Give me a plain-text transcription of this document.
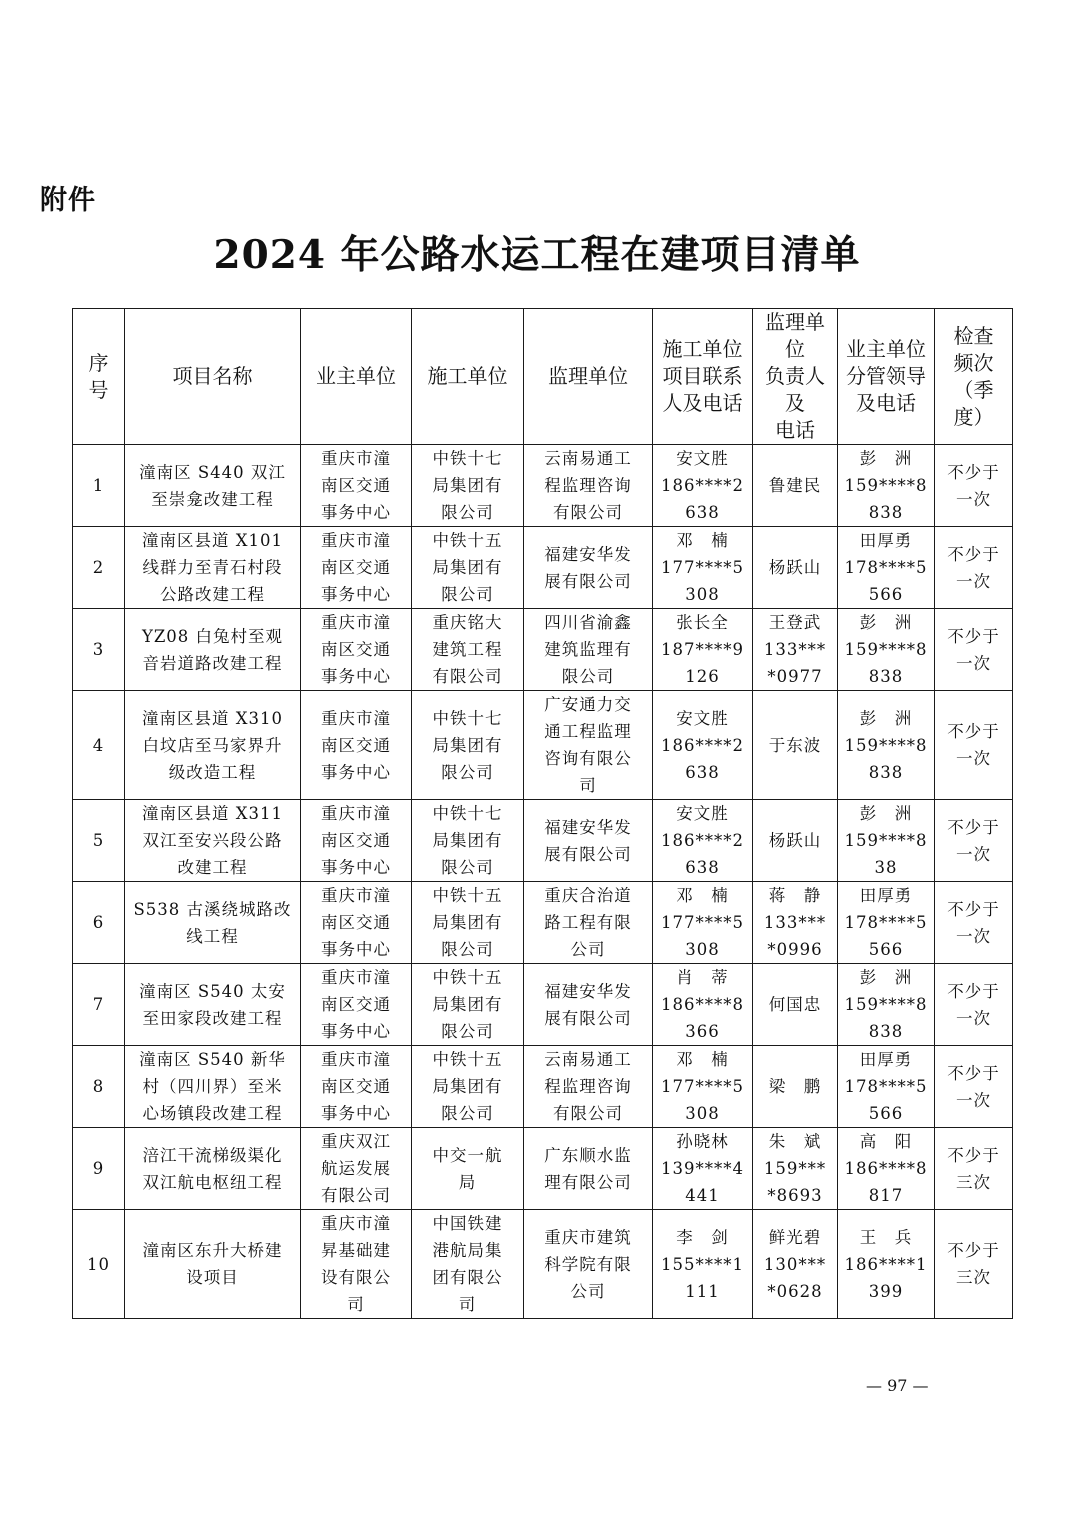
附件
2024 年公路水运工程在建项目清单
序
号	项目名称	业主单位	施工单位	监理单位	施工单位
项目联系
人及电话	监理单位
负责人及
电话	业主单位
分管领导
及电话	检查
频次
（季
度）
1	潼南区 S440 双江
至崇龛改建工程	重庆市潼
南区交通
事务中心	中铁十七
局集团有
限公司	云南易通工
程监理咨询
有限公司	安文胜
186****2
638	鲁建民	彭　洲
159****8
838	不少于
一次
2	潼南区县道 X101
线群力至青石村段
公路改建工程	重庆市潼
南区交通
事务中心	中铁十五
局集团有
限公司	福建安华发
展有限公司	邓　楠
177****5
308	杨跃山	田厚勇
178****5
566	不少于
一次
3	YZ08 白兔村至观
音岩道路改建工程	重庆市潼
南区交通
事务中心	重庆铭大
建筑工程
有限公司	四川省渝鑫
建筑监理有
限公司	张长全
187****9
126	王登武
133***
*0977	彭　洲
159****8
838	不少于
一次
4	潼南区县道 X310
白坟店至马家界升
级改造工程	重庆市潼
南区交通
事务中心	中铁十七
局集团有
限公司	广安通力交
通工程监理
咨询有限公
司	安文胜
186****2
638	于东波	彭　洲
159****8
838	不少于
一次
5	潼南区县道 X311
双江至安兴段公路
改建工程	重庆市潼
南区交通
事务中心	中铁十七
局集团有
限公司	福建安华发
展有限公司	安文胜
186****2
638	杨跃山	彭　洲
159****8
38	不少于
一次
6	S538 古溪绕城路改
线工程	重庆市潼
南区交通
事务中心	中铁十五
局集团有
限公司	重庆合治道
路工程有限
公司	邓　楠
177****5
308	蒋　静
133***
*0996	田厚勇
178****5
566	不少于
一次
7	潼南区 S540 太安
至田家段改建工程	重庆市潼
南区交通
事务中心	中铁十五
局集团有
限公司	福建安华发
展有限公司	肖　蒂
186****8
366	何国忠	彭　洲
159****8
838	不少于
一次
8	潼南区 S540 新华
村（四川界）至米
心场镇段改建工程	重庆市潼
南区交通
事务中心	中铁十五
局集团有
限公司	云南易通工
程监理咨询
有限公司	邓　楠
177****5
308	梁　鹏	田厚勇
178****5
566	不少于
一次
9	涪江干流梯级渠化
双江航电枢纽工程	重庆双江
航运发展
有限公司	中交一航
局	广东顺水监
理有限公司	孙晓林
139****4
441	朱　斌
159***
*8693	高　阳
186****8
817	不少于
三次
10	潼南区东升大桥建
设项目	重庆市潼
昇基础建
设有限公
司	中国铁建
港航局集
团有限公
司	重庆市建筑
科学院有限
公司	李　剑
155****1
111	鲜光碧
130***
*0628	王　兵
186****1
399	不少于
三次
— 97 —
